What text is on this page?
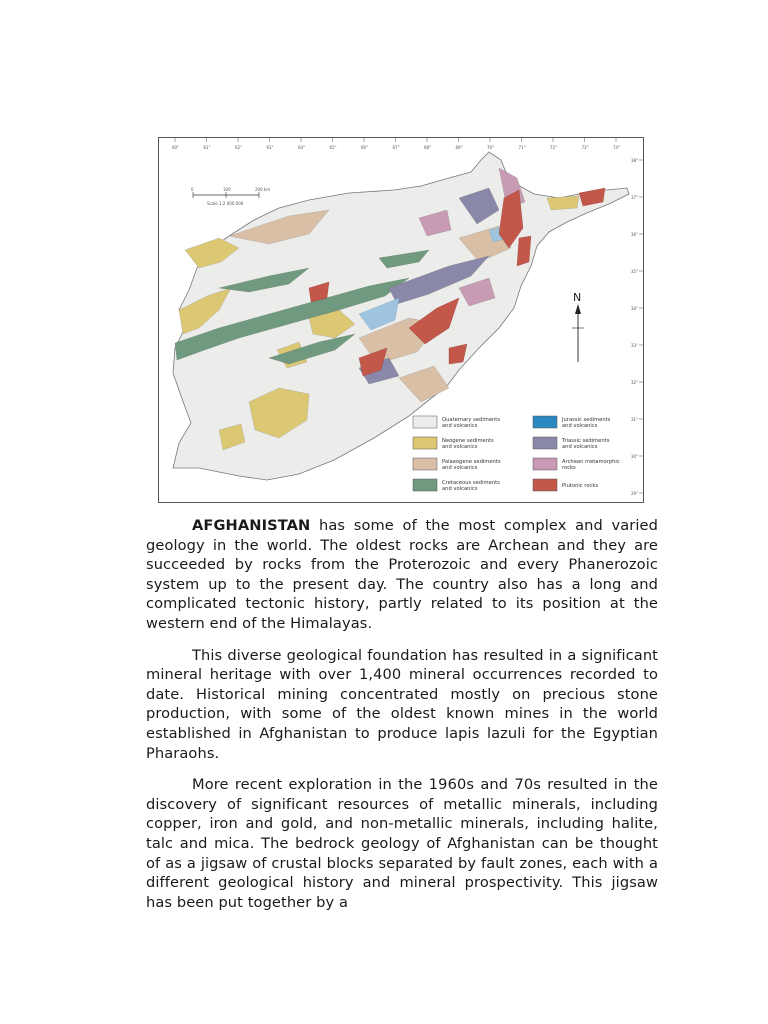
60°	61°	62°	63°	64°	65°	66°	67°	68°	69°	70°	71°	72°	73°	74°
38°
37°
36°
35°
34°
33°
32°
31°
30°
29°
0	100	200 km
Scale 1:2 000 000
N
Quaternary sediments
and volcanics
Neogene sediments
and volcanics
Palaeogene sediments
and volcanics
Cretaceous sediments
and volcanics
Jurassic sediments
and volcanics
Triassic sediments
and volcanics
Archean metamorphic
rocks
Plutonic rocks

AFGHANISTAN has some of the most complex and varied geology in the world. The oldest rocks are Archean and they are succeeded by rocks from the Proterozoic and every Phanerozoic system up to the present day. The country also has a long and complicated tectonic history, partly related to its position at the western end of the Himalayas.

This diverse geological foundation has resulted in a significant mineral heritage with over 1,400 mineral occurrences recorded to date. Historical mining concentrated mostly on precious stone production, with some of the oldest known mines in the world established in Afghanistan to produce lapis lazuli for the Egyptian Pharaohs.

More recent exploration in the 1960s and 70s resulted in the discovery of significant resources of metallic minerals, including copper, iron and gold, and non-metallic minerals, including halite, talc and mica. The bedrock geology of Afghanistan can be thought of as a jigsaw of crustal blocks separated by fault zones, each with a different geological history and mineral prospectivity. This jigsaw has been put together by a
